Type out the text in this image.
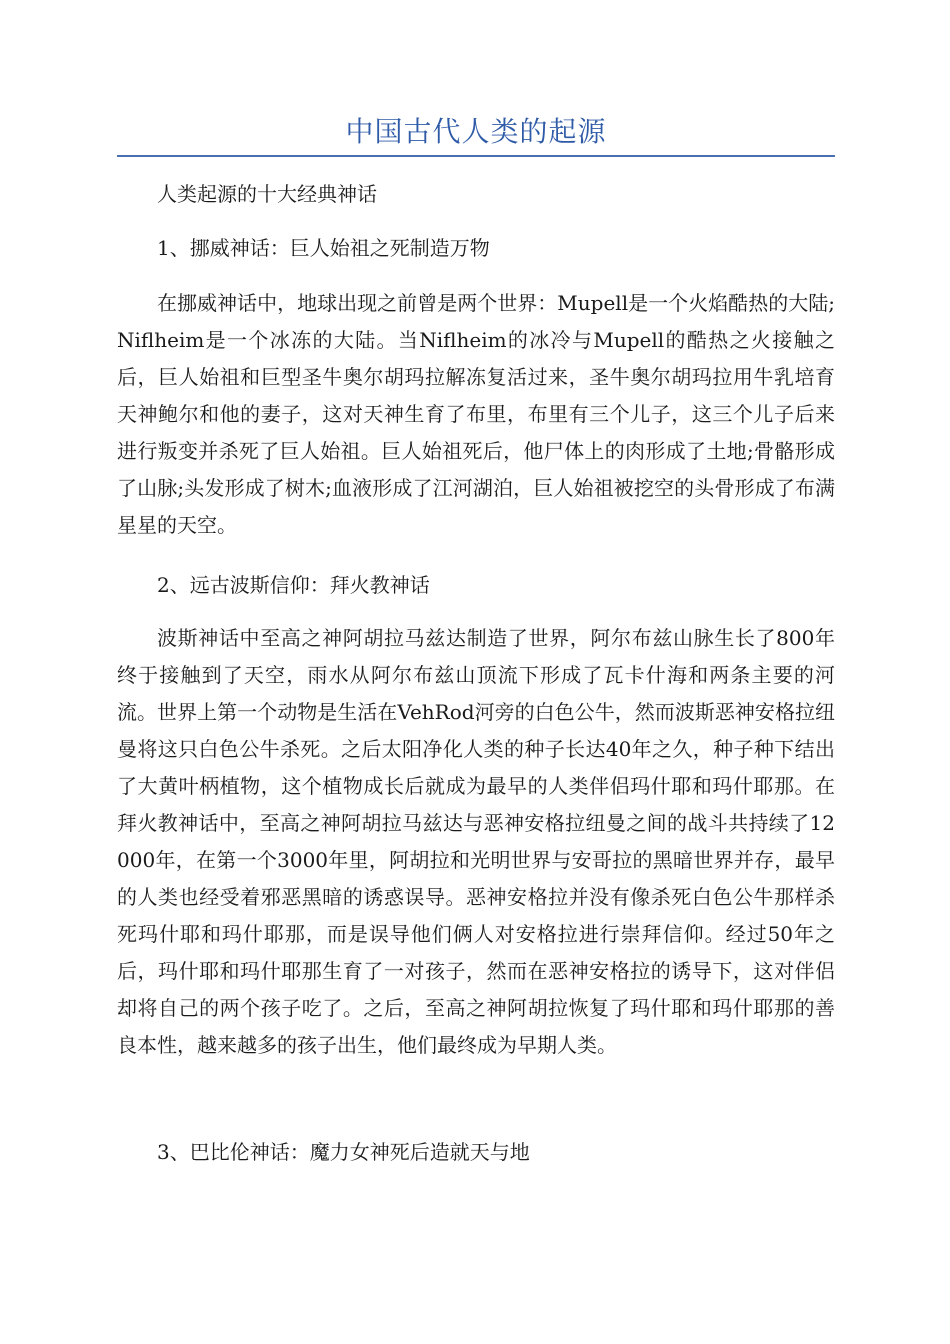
中国古代人类的起源

人类起源的十大经典神话

1、挪威神话：巨人始祖之死制造万物

在挪威神话中，地球出现之前曾是两个世界：Mupell是一个火焰酷热的大陆;Niflheim是一个冰冻的大陆。当Niflheim的冰冷与Mupell的酷热之火接触之后，巨人始祖和巨型圣牛奥尔胡玛拉解冻复活过来，圣牛奥尔胡玛拉用牛乳培育天神鲍尔和他的妻子，这对天神生育了布里，布里有三个儿子，这三个儿子后来进行叛变并杀死了巨人始祖。巨人始祖死后，他尸体上的肉形成了土地;骨骼形成了山脉;头发形成了树木;血液形成了江河湖泊，巨人始祖被挖空的头骨形成了布满星星的天空。

2、远古波斯信仰：拜火教神话

波斯神话中至高之神阿胡拉马兹达制造了世界，阿尔布兹山脉生长了800年终于接触到了天空，雨水从阿尔布兹山顶流下形成了瓦卡什海和两条主要的河流。世界上第一个动物是生活在VehRod河旁的白色公牛，然而波斯恶神安格拉纽曼将这只白色公牛杀死。之后太阳净化人类的种子长达40年之久，种子种下结出了大黄叶柄植物，这个植物成长后就成为最早的人类伴侣玛什耶和玛什耶那。在拜火教神话中，至高之神阿胡拉马兹达与恶神安格拉纽曼之间的战斗共持续了12000年，在第一个3000年里，阿胡拉和光明世界与安哥拉的黑暗世界并存，最早的人类也经受着邪恶黑暗的诱惑误导。恶神安格拉并没有像杀死白色公牛那样杀死玛什耶和玛什耶那，而是误导他们俩人对安格拉进行崇拜信仰。经过50年之后，玛什耶和玛什耶那生育了一对孩子，然而在恶神安格拉的诱导下，这对伴侣却将自己的两个孩子吃了。之后，至高之神阿胡拉恢复了玛什耶和玛什耶那的善良本性，越来越多的孩子出生，他们最终成为早期人类。

3、巴比伦神话：魔力女神死后造就天与地
